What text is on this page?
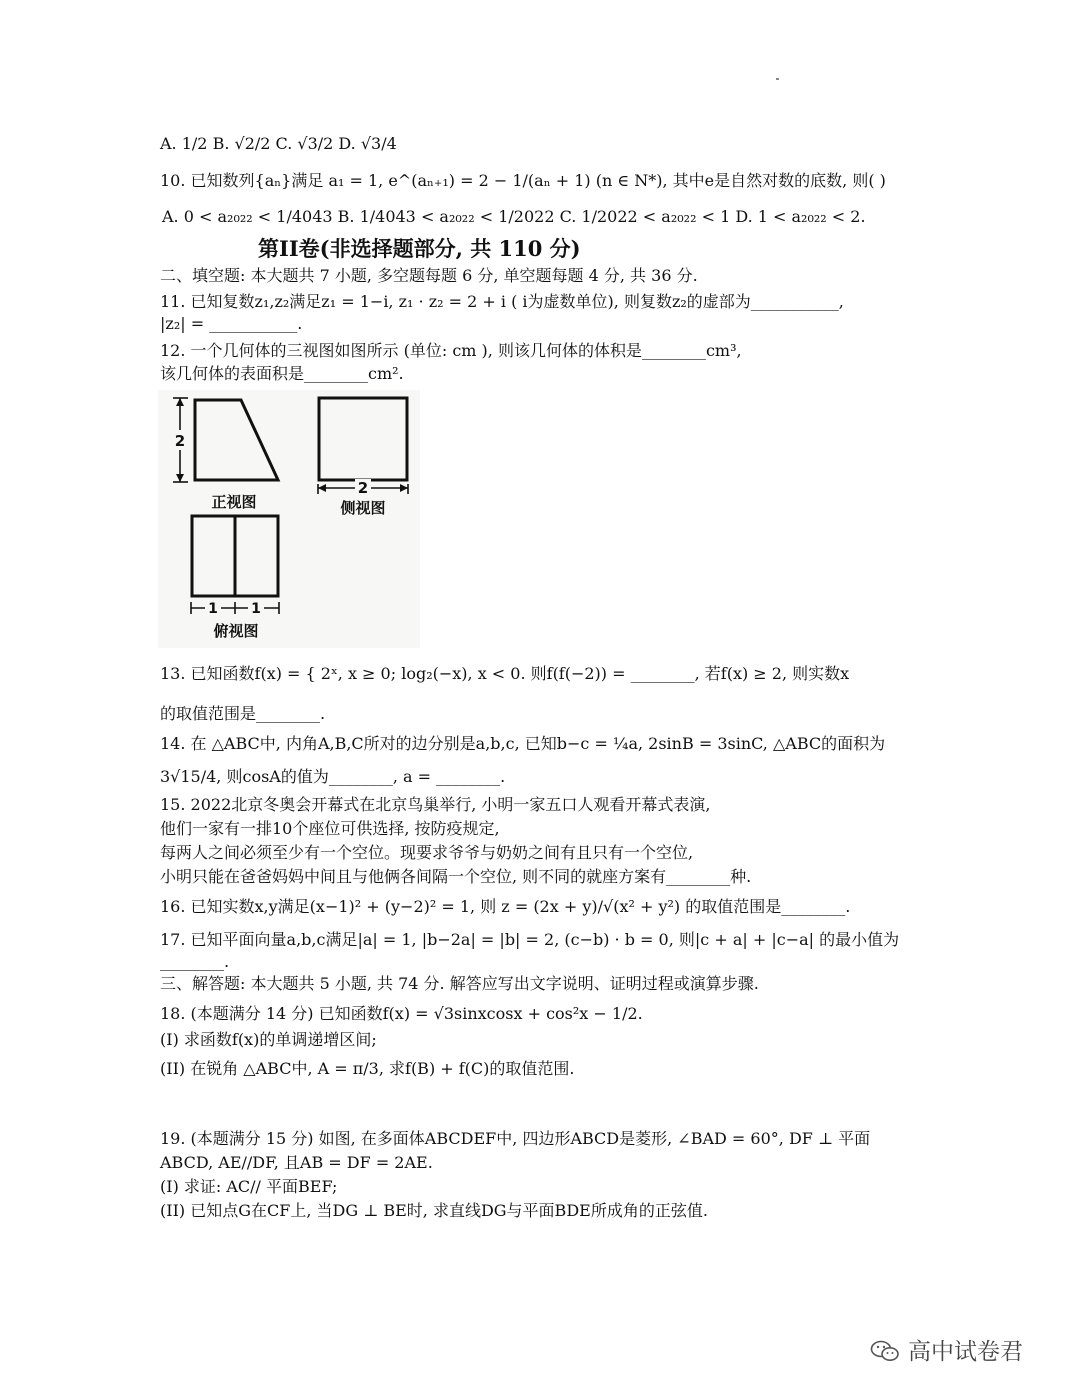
A. 1/2 B. √2/2 C. √3/2 D. √3/4
10. 已知数列{aₙ}满足 a₁ = 1, e^(aₙ₊₁) = 2 − 1/(aₙ + 1) (n ∈ N*), 其中e是自然对数的底数, 则( )
A. 0 < a₂₀₂₂ < 1/4043 B. 1/4043 < a₂₀₂₂ < 1/2022 C. 1/2022 < a₂₀₂₂ < 1 D. 1 < a₂₀₂₂ < 2.
第II卷(非选择题部分, 共 110 分)
二、填空题: 本大题共 7 小题, 多空题每题 6 分, 单空题每题 4 分, 共 36 分.
11. 已知复数z₁,z₂满足z₁ = 1−i, z₁ · z₂ = 2 + i ( i为虚数单位), 则复数z₂的虚部为___________,
|z₂| = ___________.
12. 一个几何体的三视图如图所示 (单位: cm ), 则该几何体的体积是________cm³,
该几何体的表面积是________cm².
2
2
1 1
正视图	侧视图
俯视图
13. 已知函数f(x) = { 2ˣ, x ≥ 0; log₂(−x), x < 0. 则f(f(−2)) = ________, 若f(x) ≥ 2, 则实数x
的取值范围是________.
14. 在 △ABC中, 内角A,B,C所对的边分别是a,b,c, 已知b−c = ¼a, 2sinB = 3sinC, △ABC的面积为
3√15/4, 则cosA的值为________, a = ________.
15. 2022北京冬奥会开幕式在北京鸟巢举行, 小明一家五口人观看开幕式表演,
他们一家有一排10个座位可供选择, 按防疫规定,
每两人之间必须至少有一个空位。现要求爷爷与奶奶之间有且只有一个空位,
小明只能在爸爸妈妈中间且与他俩各间隔一个空位, 则不同的就座方案有________种.
16. 已知实数x,y满足(x−1)² + (y−2)² = 1, 则 z = (2x + y)/√(x² + y²) 的取值范围是________.
17. 已知平面向量a,b,c满足|a| = 1, |b−2a| = |b| = 2, (c−b) · b = 0, 则|c + a| + |c−a| 的最小值为
________.
三、解答题: 本大题共 5 小题, 共 74 分. 解答应写出文字说明、证明过程或演算步骤.
18. (本题满分 14 分) 已知函数f(x) = √3sinxcosx + cos²x − 1/2.
(I) 求函数f(x)的单调递增区间;
(II) 在锐角 △ABC中, A = π/3, 求f(B) + f(C)的取值范围.
19. (本题满分 15 分) 如图, 在多面体ABCDEF中, 四边形ABCD是菱形, ∠BAD = 60°, DF ⊥ 平面
ABCD, AE//DF, 且AB = DF = 2AE.
(I) 求证: AC// 平面BEF;
(II) 已知点G在CF上, 当DG ⊥ BE时, 求直线DG与平面BDE所成角的正弦值.
高中试卷君
